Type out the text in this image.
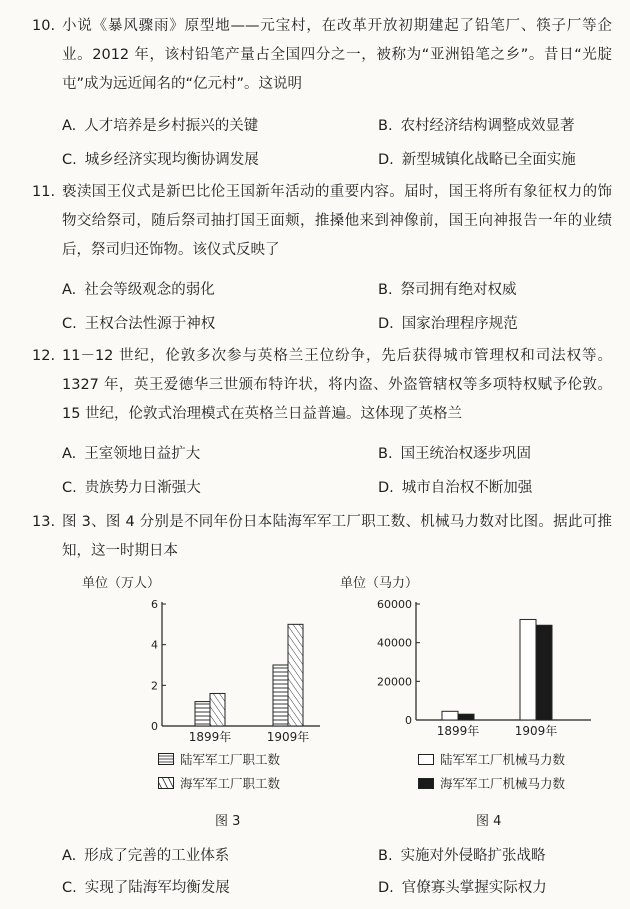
10. 小说《暴风骤雨》原型地——元宝村，在改革开放初期建起了铅笔厂、筷子厂等企业。2012 年，该村铅笔产量占全国四分之一，被称为“亚洲铅笔之乡”。昔日“光腚屯”成为远近闻名的“亿元村”。这说明
A. 人才培养是乡村振兴的关键	B. 农村经济结构调整成效显著
C. 城乡经济实现均衡协调发展	D. 新型城镇化战略已全面实施
11. 亵渎国王仪式是新巴比伦王国新年活动的重要内容。届时，国王将所有象征权力的饰物交给祭司，随后祭司抽打国王面颊，推搡他来到神像前，国王向神报告一年的业绩后，祭司归还饰物。该仪式反映了
A. 社会等级观念的弱化	B. 祭司拥有绝对权威
C. 王权合法性源于神权	D. 国家治理程序规范
12. 11－12 世纪，伦敦多次参与英格兰王位纷争，先后获得城市管理权和司法权等。1327 年，英王爱德华三世颁布特许状，将内盗、外盗管辖权等多项特权赋予伦敦。15 世纪，伦敦式治理模式在英格兰日益普遍。这体现了英格兰
A. 王室领地日益扩大	B. 国王统治权逐步巩固
C. 贵族势力日渐强大	D. 城市自治权不断加强
13. 图 3、图 4 分别是不同年份日本陆海军军工厂职工数、机械马力数对比图。据此可推知，这一时期日本
单位（万人）
0
2
4
6
1899年	1909年
陆军军工厂职工数
海军军工厂职工数
图 3
单位（马力）
0
20000
40000
60000
1899年	1909年
陆军军工厂机械马力数
海军军工厂机械马力数
图 4
A. 形成了完善的工业体系	B. 实施对外侵略扩张战略
C. 实现了陆海军均衡发展	D. 官僚寡头掌握实际权力
